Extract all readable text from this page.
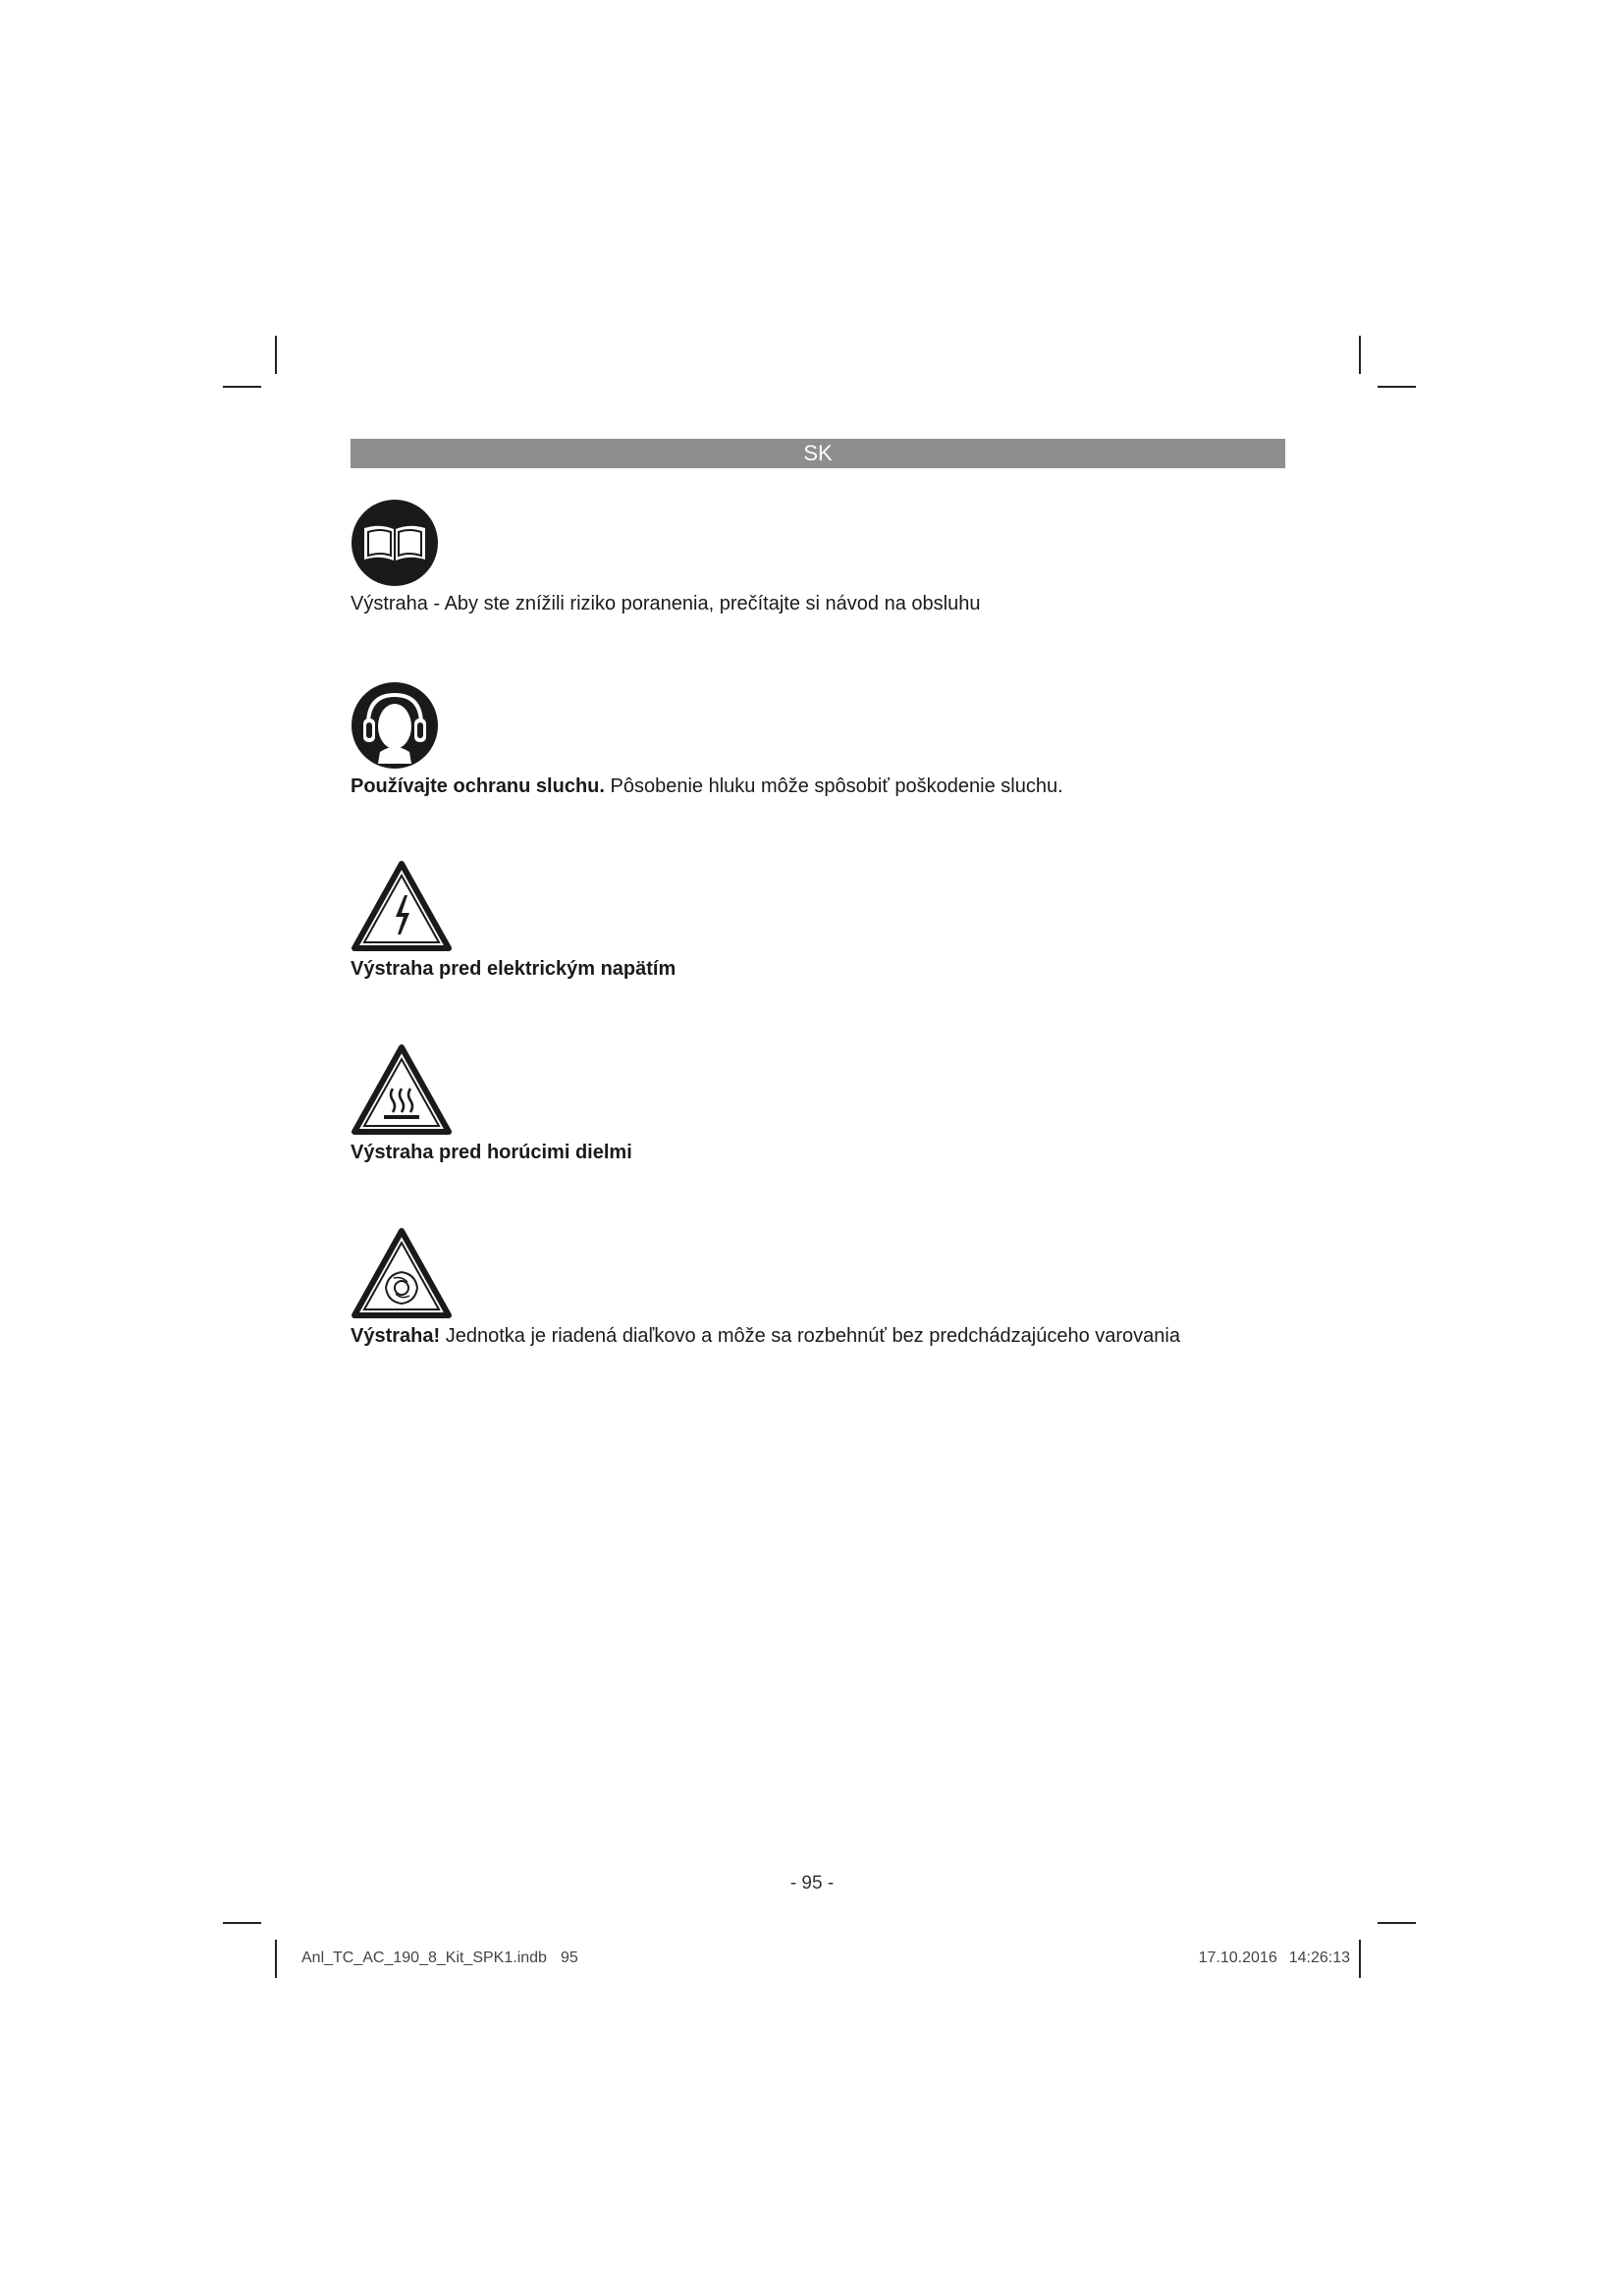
SK
Výstraha - Aby ste znížili riziko poranenia, prečítajte si návod na obsluhu
Používajte ochranu sluchu. Pôsobenie hluku môže spôsobiť poškodenie sluchu.
Výstraha pred elektrickým napätím
Výstraha pred horúcimi dielmi
Výstraha! Jednotka je riadená diaľkovo a môže sa rozbehnúť bez predchádzajúceho varovania
- 95 -
Anl_TC_AC_190_8_Kit_SPK1.indb 95	17.10.2016 14:26:13
